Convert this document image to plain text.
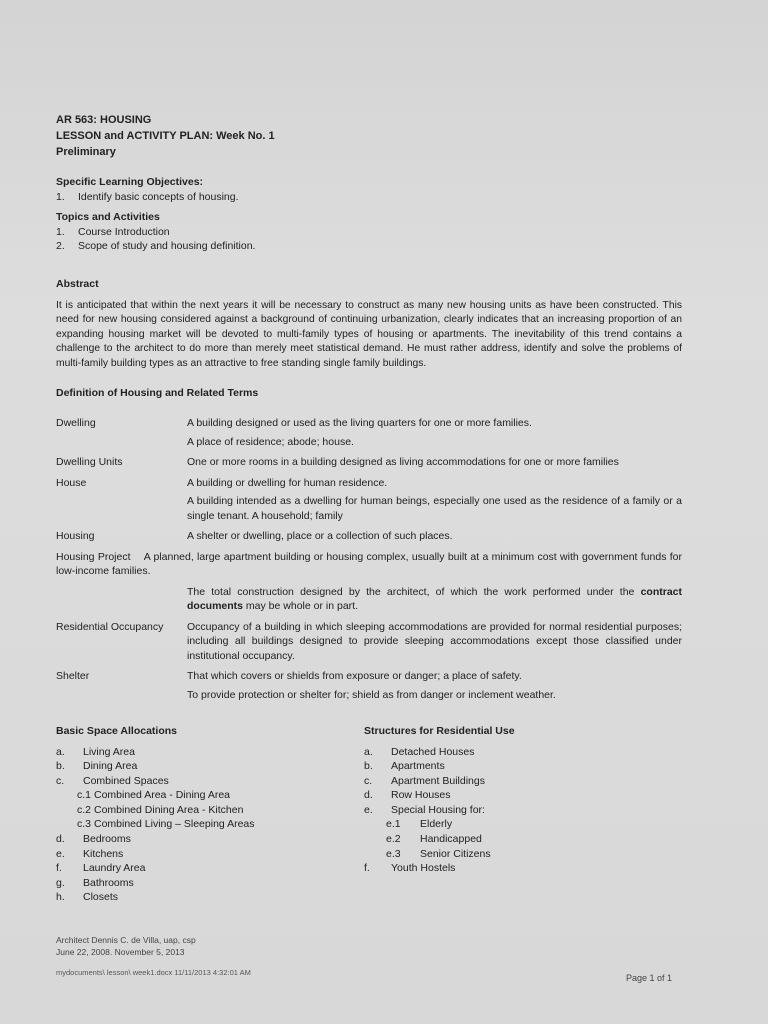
AR 563: HOUSING
LESSON and ACTIVITY PLAN: Week No. 1
Preliminary
Specific Learning Objectives:
1.	Identify basic concepts of housing.
Topics and Activities
1.	Course Introduction
2.	Scope of study and housing definition.
Abstract
It is anticipated that within the next years it will be necessary to construct as many new housing units as have been constructed. This need for new housing considered against a background of continuing urbanization, clearly indicates that an increasing proportion of an expanding housing market will be devoted to multi-family types of housing or apartments. The inevitability of this trend contains a challenge to the architect to do more than merely meet statistical demand. He must rather address, identify and solve the problems of multi-family building types as an attractive to free standing single family buildings.
Definition of Housing and Related Terms
Dwelling	A building designed or used as the living quarters for one or more families.

A place of residence; abode; house.

Dwelling Units	One or more rooms in a building designed as living accommodations for one or more families

House	A building or dwelling for human residence.

A building intended as a dwelling for human beings, especially one used as the residence of a family or a single tenant. A household; family

Housing	A shelter or dwelling, place or a collection of such places.

Housing Project A planned, large apartment building or housing complex, usually built at a minimum cost with government funds for low-income families.

The total construction designed by the architect, of which the work performed under the contract documents may be whole or in part.

Residential Occupancy	Occupancy of a building in which sleeping accommodations are provided for normal residential purposes; including all buildings designed to provide sleeping accommodations except those classified under institutional occupancy.

Shelter	That which covers or shields from exposure or danger; a place of safety.

To provide protection or shelter for; shield as from danger or inclement weather.

Basic Space Allocations
a.	Living Area
b.	Dining Area
c.	Combined Spaces
c.1 Combined Area - Dining Area
c.2 Combined Dining Area - Kitchen
c.3 Combined Living – Sleeping Areas
d.	Bedrooms
e.	Kitchens
f.	Laundry Area
g.	Bathrooms
h.	Closets
Structures for Residential Use
a.	Detached Houses
b.	Apartments
c.	Apartment Buildings
d.	Row Houses
e.	Special Housing for:
e.1	Elderly
e.2	Handicapped
e.3	Senior Citizens
f.	Youth Hostels
Architect Dennis C. de Villa, uap, csp
June 22, 2008. November 5, 2013
mydocuments\ lesson\ week1.docx 11/11/2013 4:32:01 AM
Page 1 of 1
